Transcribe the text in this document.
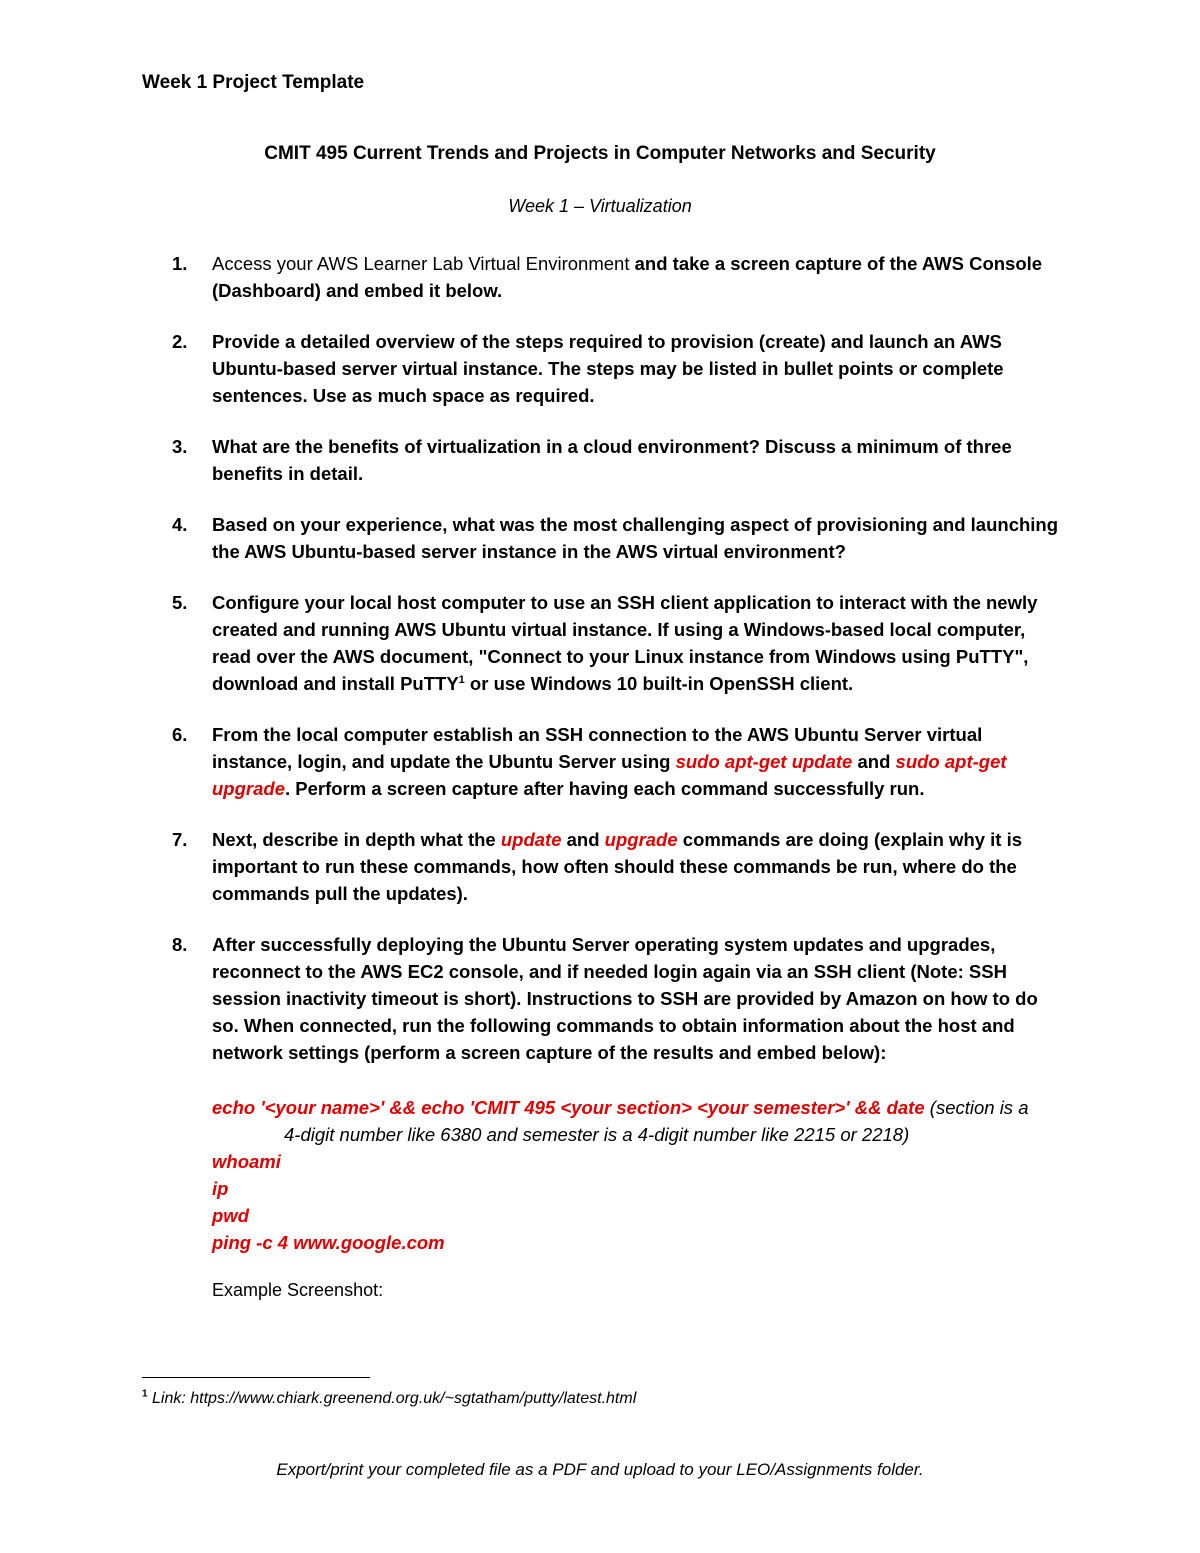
Week 1 Project Template
CMIT 495 Current Trends and Projects in Computer Networks and Security
Week 1 – Virtualization
1. Access your AWS Learner Lab Virtual Environment and take a screen capture of the AWS Console (Dashboard) and embed it below.
2. Provide a detailed overview of the steps required to provision (create) and launch an AWS Ubuntu-based server virtual instance. The steps may be listed in bullet points or complete sentences. Use as much space as required.
3. What are the benefits of virtualization in a cloud environment? Discuss a minimum of three benefits in detail.
4. Based on your experience, what was the most challenging aspect of provisioning and launching the AWS Ubuntu-based server instance in the AWS virtual environment?
5. Configure your local host computer to use an SSH client application to interact with the newly created and running AWS Ubuntu virtual instance. If using a Windows-based local computer, read over the AWS document, "Connect to your Linux instance from Windows using PuTTY", download and install PuTTY$^1$ or use Windows 10 built-in OpenSSH client.
6. From the local computer establish an SSH connection to the AWS Ubuntu Server virtual instance, login, and update the Ubuntu Server using sudo apt-get update and sudo apt-get upgrade. Perform a screen capture after having each command successfully run.
7. Next, describe in depth what the update and upgrade commands are doing (explain why it is important to run these commands, how often should these commands be run, where do the commands pull the updates).
8. After successfully deploying the Ubuntu Server operating system updates and upgrades, reconnect to the AWS EC2 console, and if needed login again via an SSH client (Note: SSH session inactivity timeout is short). Instructions to SSH are provided by Amazon on how to do so. When connected, run the following commands to obtain information about the host and network settings (perform a screen capture of the results and embed below):
echo '<your name>' && echo 'CMIT 495 <your section> <your semester>' && date (section is a
4-digit number like 6380 and semester is a 4-digit number like 2215 or 2218)
whoami
ip
pwd
ping -c 4 www.google.com
Example Screenshot:
$^1$ Link: https://www.chiark.greenend.org.uk/~sgtatham/putty/latest.html
Export/print your completed file as a PDF and upload to your LEO/Assignments folder.
